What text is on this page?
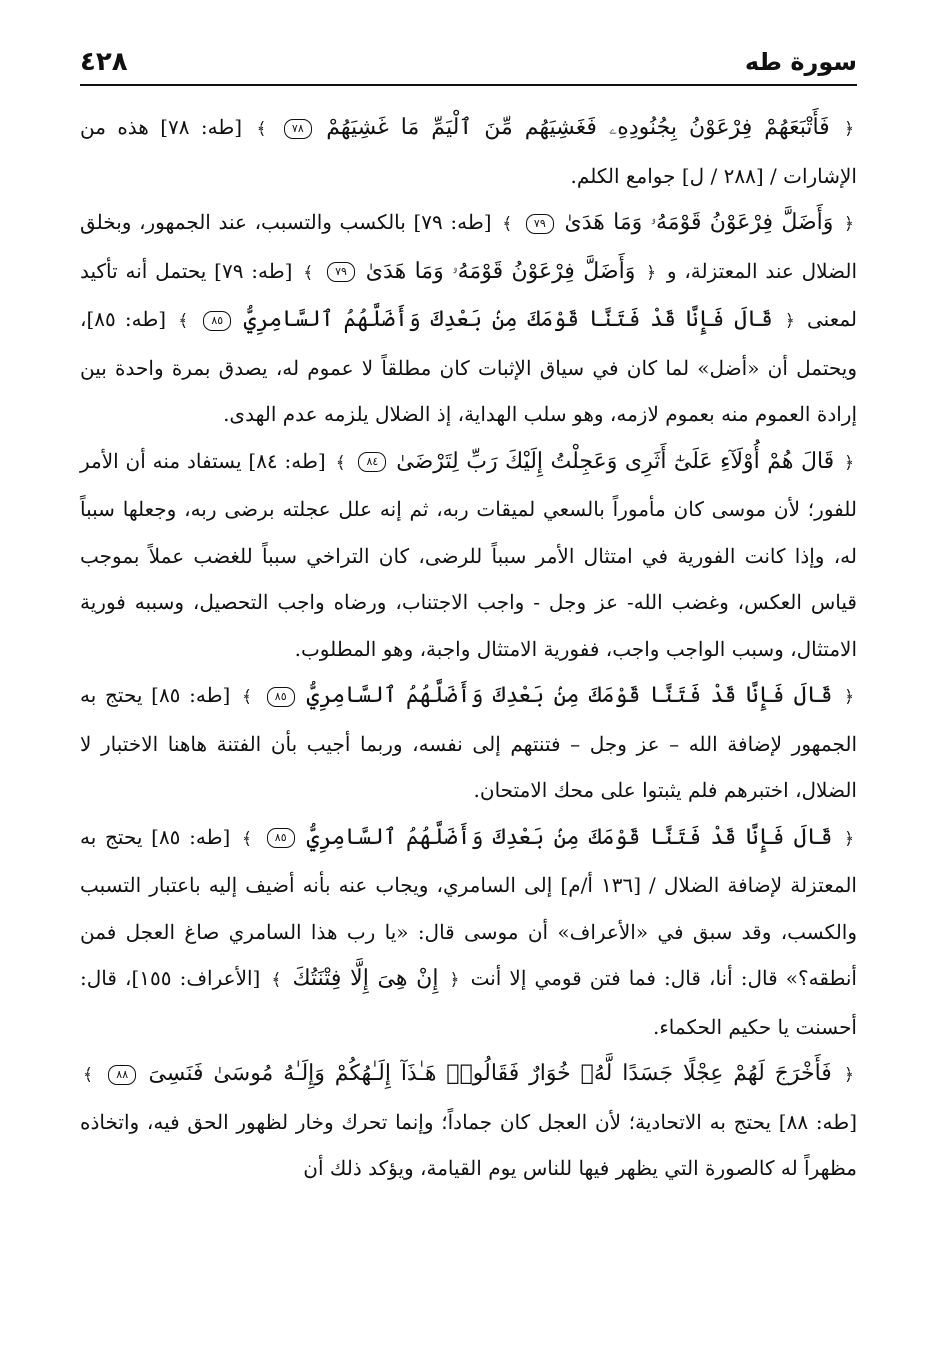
سورة طه
٤٢٨

﴿ فَأَتْبَعَهُمْ فِرْعَوْنُ بِجُنُودِهِۦ فَغَشِيَهُم مِّنَ ٱلْيَمِّ مَا غَشِيَهُمْ ٧٨ ﴾ [طه: ٧٨] هذه من الإشارات / [٢٨٨ / ل] جوامع الكلم.

﴿ وَأَضَلَّ فِرْعَوْنُ قَوْمَهُۥ وَمَا هَدَىٰ ٧٩ ﴾ [طه: ٧٩] بالكسب والتسبب، عند الجمهور، وبخلق الضلال عند المعتزلة، و ﴿ وَأَضَلَّ فِرْعَوْنُ قَوْمَهُۥ وَمَا هَدَىٰ ٧٩ ﴾ [طه: ٧٩] يحتمل أنه تأكيد لمعنى ﴿ قَالَ فَإِنَّا قَدْ فَتَنَّا قَوْمَكَ مِنۢ بَعْدِكَ وَأَضَلَّهُمُ ٱلسَّامِرِيُّ ٨٥ ﴾ [طه: ٨٥]، ويحتمل أن «أضل» لما كان في سياق الإثبات كان مطلقاً لا عموم له، يصدق بمرة واحدة بين إرادة العموم منه بعموم لازمه، وهو سلب الهداية، إذ الضلال يلزمه عدم الهدى.

﴿ قَالَ هُمْ أُوْلَآءِ عَلَىٰٓ أَثَرِى وَعَجِلْتُ إِلَيْكَ رَبِّ لِتَرْضَىٰ ٨٤ ﴾ [طه: ٨٤] يستفاد منه أن الأمر للفور؛ لأن موسى كان مأموراً بالسعي لميقات ربه، ثم إنه علل عجلته برضى ربه، وجعلها سبباً له، وإذا كانت الفورية في امتثال الأمر سبباً للرضى، كان التراخي سبباً للغضب عملاً بموجب قياس العكس، وغضب الله- عز وجل - واجب الاجتناب، ورضاه واجب التحصيل، وسببه فورية الامتثال، وسبب الواجب واجب، ففورية الامتثال واجبة، وهو المطلوب.

﴿ قَالَ فَإِنَّا قَدْ فَتَنَّا قَوْمَكَ مِنۢ بَعْدِكَ وَأَضَلَّهُمُ ٱلسَّامِرِيُّ ٨٥ ﴾ [طه: ٨٥] يحتج به الجمهور لإضافة الله – عز وجل – فتنتهم إلى نفسه، وربما أجيب بأن الفتنة هاهنا الاختبار لا الضلال، اختبرهم فلم يثبتوا على محك الامتحان.

﴿ قَالَ فَإِنَّا قَدْ فَتَنَّا قَوْمَكَ مِنۢ بَعْدِكَ وَأَضَلَّهُمُ ٱلسَّامِرِيُّ ٨٥ ﴾ [طه: ٨٥] يحتج به المعتزلة لإضافة الضلال / [١٣٦ أ/م] إلى السامري، ويجاب عنه بأنه أضيف إليه باعتبار التسبب والكسب، وقد سبق في «الأعراف» أن موسى قال: «يا رب هذا السامري صاغ العجل فمن أنطقه؟» قال: أنا، قال: فما فتن قومي إلا أنت ﴿ إِنْ هِىَ إِلَّا فِتْنَتُكَ ﴾ [الأعراف: ١٥٥]، قال: أحسنت يا حكيم الحكماء.

﴿ فَأَخْرَجَ لَهُمْ عِجْلًا جَسَدًا لَّهُۥ خُوَارٌ فَقَالُوا۟ هَـٰذَآ إِلَـٰهُكُمْ وَإِلَـٰهُ مُوسَىٰ فَنَسِىَ ٨٨ ﴾ [طه: ٨٨] يحتج به الاتحادية؛ لأن العجل كان جماداً؛ وإنما تحرك وخار لظهور الحق فيه، واتخاذه مظهراً له كالصورة التي يظهر فيها للناس يوم القيامة، ويؤكد ذلك أن
